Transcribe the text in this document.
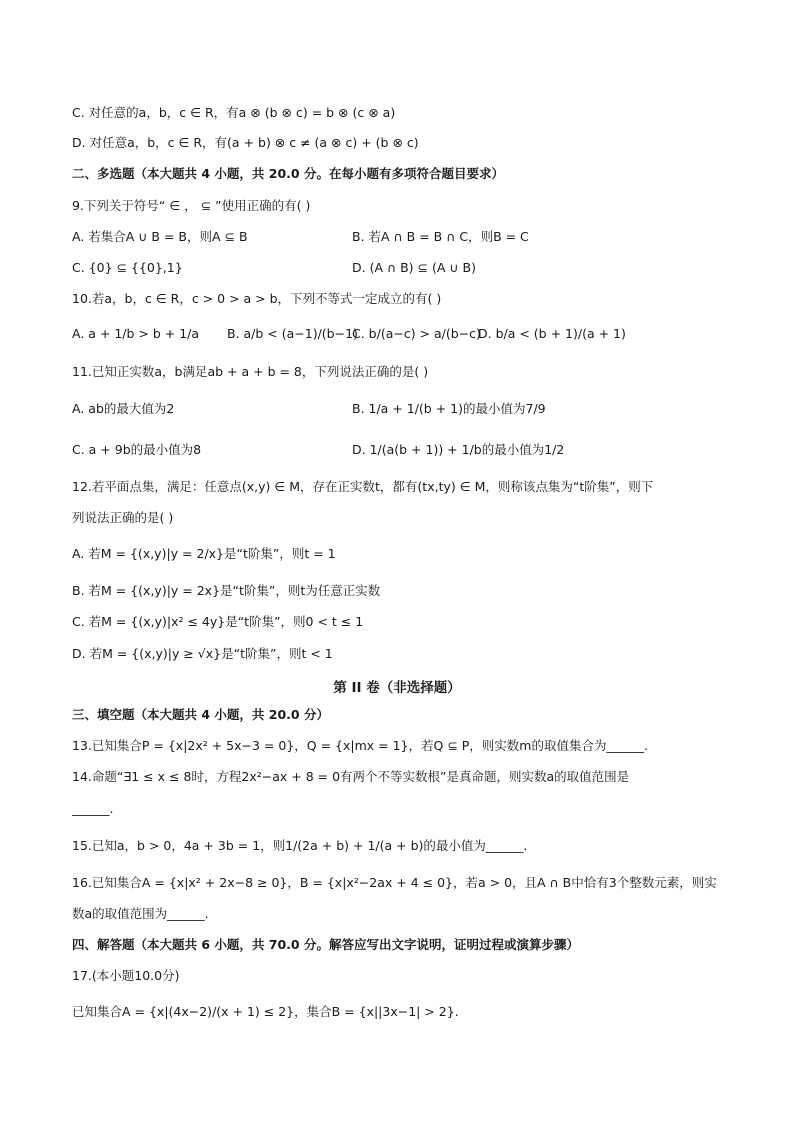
C. 对任意的a，b，c ∈ R，有a ⊗ (b ⊗ c) = b ⊗ (c ⊗ a)
D. 对任意a，b，c ∈ R，有(a + b) ⊗ c ≠ (a ⊗ c) + (b ⊗ c)
二、多选题（本大题共 4 小题，共 20.0 分。在每小题有多项符合题目要求）
9.下列关于符号“ ∈ ， ⊆ ”使用正确的有( )
A. 若集合A ∪ B = B，则A ⊆ B	B. 若A ∩ B = B ∩ C，则B = C
C. {0} ⊆ {{0},1}	D. (A ∩ B) ⊆ (A ∪ B)
10.若a，b，c ∈ R，c > 0 > a > b，下列不等式一定成立的有( )
A. a + 1/b > b + 1/a B. a/b < (a−1)/(b−1)
C. b/(a−c) > a/(b−c)
D. b/a < (b + 1)/(a + 1)
11.已知正实数a，b满足ab + a + b = 8，下列说法正确的是( )
A. ab的最大值为2	B. 1/a + 1/(b + 1)的最小值为7/9
C. a + 9b的最小值为8	D. 1/(a(b + 1)) + 1/b的最小值为1/2
12.若平面点集，满足：任意点(x,y) ∈ M，存在正实数t，都有(tx,ty) ∈ M，则称该点集为“t阶集”，则下
列说法正确的是( )
A. 若M = {(x,y)|y = 2/x}是“t阶集”，则t = 1
B. 若M = {(x,y)|y = 2x}是“t阶集”，则t为任意正实数
C. 若M = {(x,y)|x² ≤ 4y}是“t阶集”，则0 < t ≤ 1
D. 若M = {(x,y)|y ≥ √x}是“t阶集”，则t < 1
第 II 卷（非选择题）
三、填空题（本大题共 4 小题，共 20.0 分）
13.已知集合P = {x|2x² + 5x−3 = 0}，Q = {x|mx = 1}，若Q ⊆ P，则实数m的取值集合为______.
14.命题“∃1 ≤ x ≤ 8时，方程2x²−ax + 8 = 0有两个不等实数根”是真命题，则实数a的取值范围是
______.
15.已知a，b > 0，4a + 3b = 1，则1/(2a + b) + 1/(a + b)的最小值为______.
16.已知集合A = {x|x² + 2x−8 ≥ 0}，B = {x|x²−2ax + 4 ≤ 0}，若a > 0，且A ∩ B中恰有3个整数元素，则实
数a的取值范围为______.
四、解答题（本大题共 6 小题，共 70.0 分。解答应写出文字说明，证明过程或演算步骤）
17.(本小题10.0分)
已知集合A = {x|(4x−2)/(x + 1) ≤ 2}，集合B = {x||3x−1| > 2}.
